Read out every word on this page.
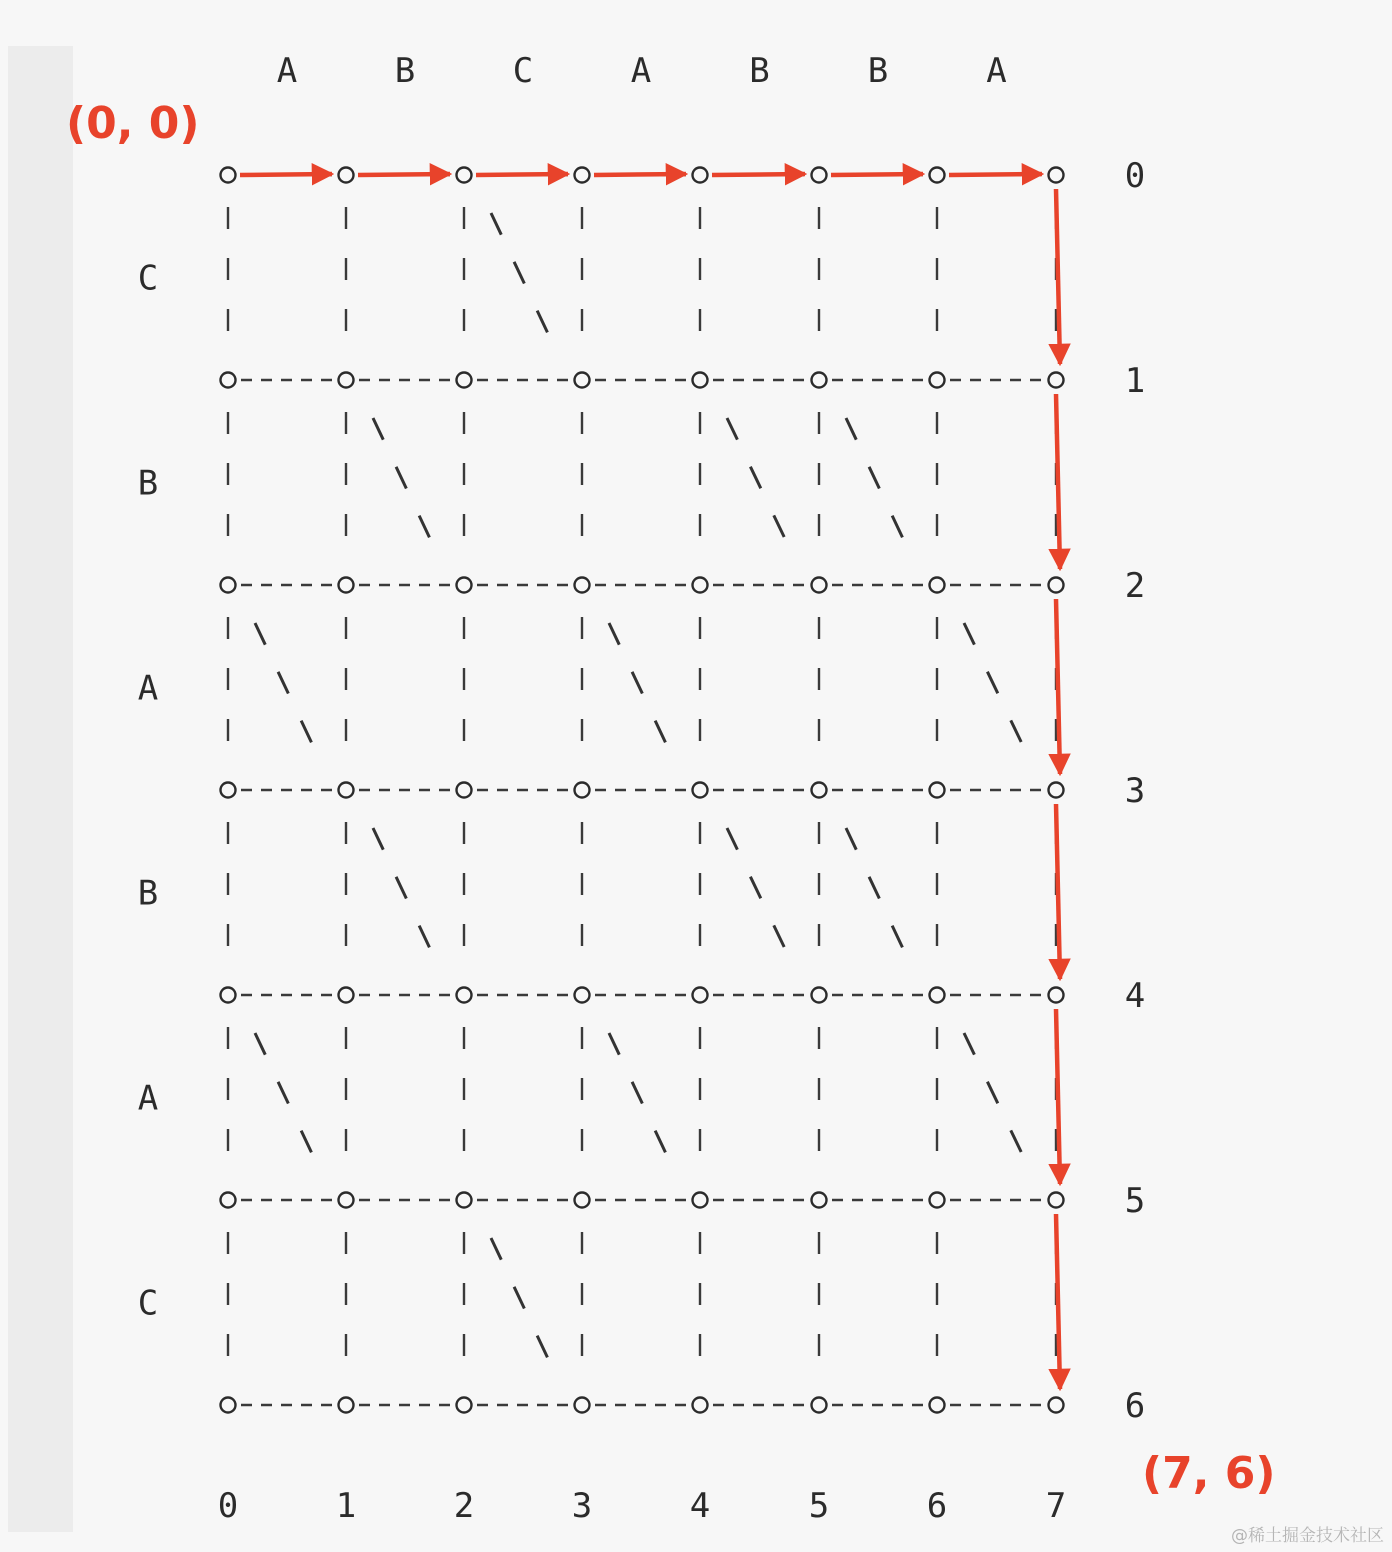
A	B	C	A	B	B	A
C
B
A
B
A
C
0	1	2	3	4	5	6	7
0
1
2
3
4
5
6
(0, 0)
(7, 6)
@稀土掘金技术社区
